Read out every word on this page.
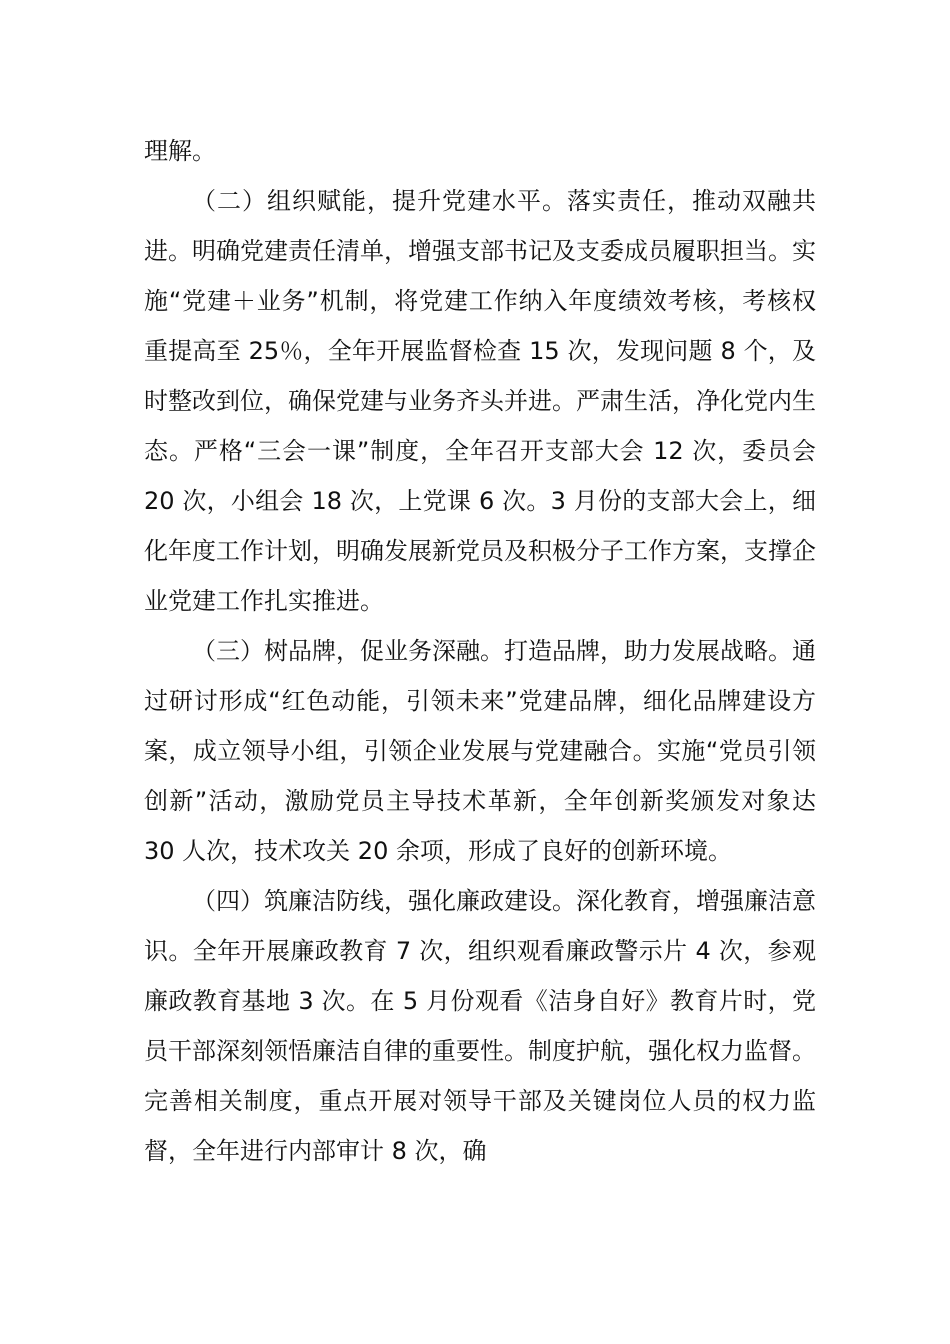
理解。

（二）组织赋能，提升党建水平。落实责任，推动双融共进。明确党建责任清单，增强支部书记及支委成员履职担当。实施“党建＋业务”机制，将党建工作纳入年度绩效考核，考核权重提高至 25％，全年开展监督检查 15 次，发现问题 8 个，及时整改到位，确保党建与业务齐头并进。严肃生活，净化党内生态。严格“三会一课”制度，全年召开支部大会 12 次，委员会 20 次，小组会 18 次，上党课 6 次。3 月份的支部大会上，细化年度工作计划，明确发展新党员及积极分子工作方案，支撑企业党建工作扎实推进。

（三）树品牌，促业务深融。打造品牌，助力发展战略。通过研讨形成“红色动能，引领未来”党建品牌，细化品牌建设方案，成立领导小组，引领企业发展与党建融合。实施“党员引领创新”活动，激励党员主导技术革新，全年创新奖颁发对象达 30 人次，技术攻关 20 余项，形成了良好的创新环境。

（四）筑廉洁防线，强化廉政建设。深化教育，增强廉洁意识。全年开展廉政教育 7 次，组织观看廉政警示片 4 次，参观廉政教育基地 3 次。在 5 月份观看《洁身自好》教育片时，党员干部深刻领悟廉洁自律的重要性。制度护航，强化权力监督。完善相关制度，重点开展对领导干部及关键岗位人员的权力监督，全年进行内部审计 8 次，确
